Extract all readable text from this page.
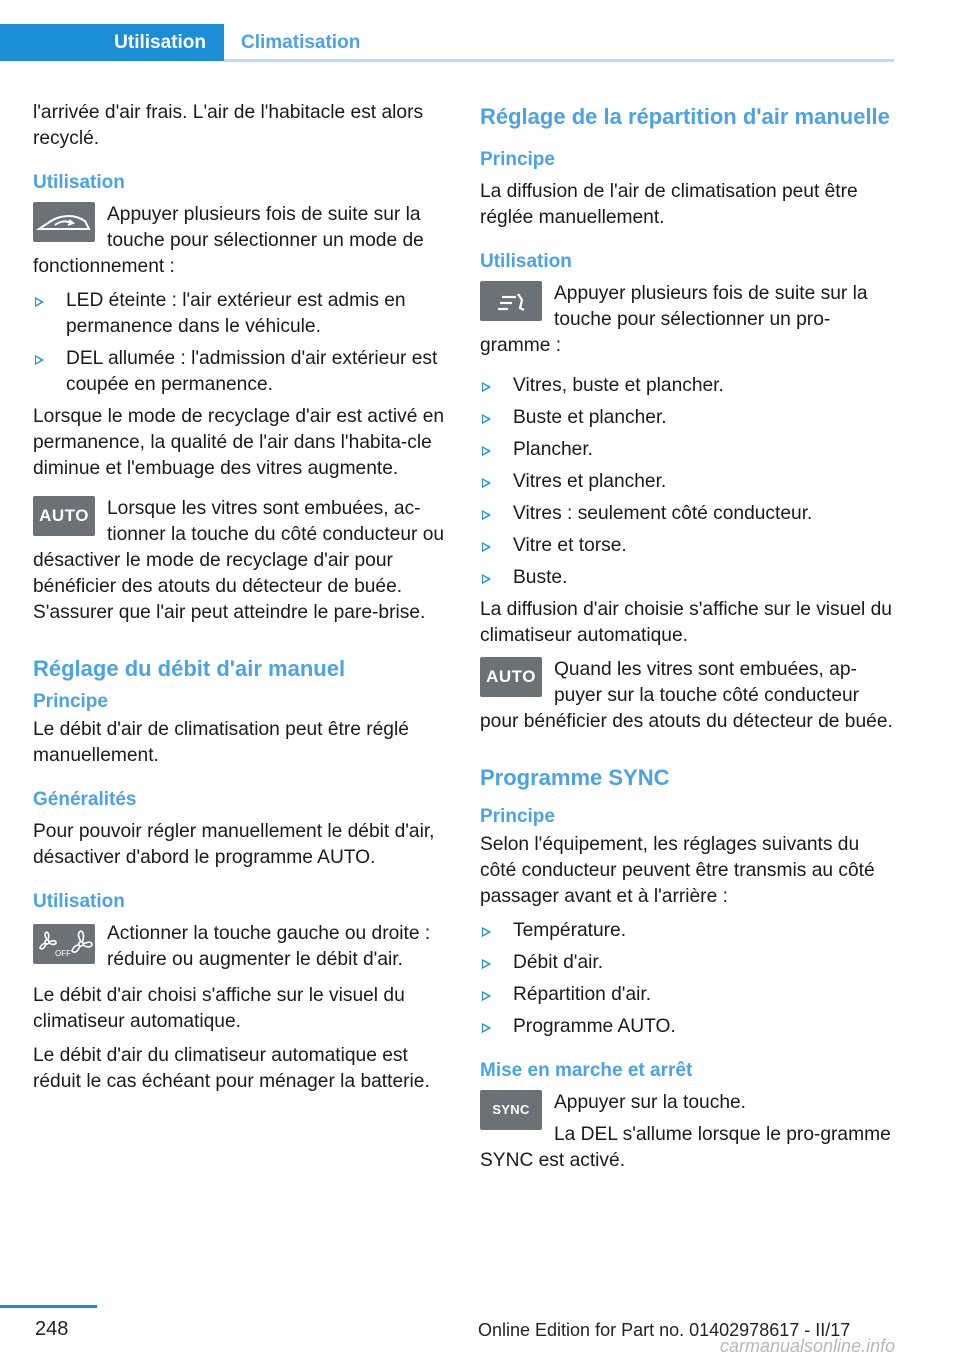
Utilisation	Climatisation

l'arrivée d'air frais. L'air de l'habitacle est alors recyclé.

Utilisation
Appuyer plusieurs fois de suite sur la touche pour sélectionner un mode de fonctionnement :
LED éteinte : l'air extérieur est admis en permanence dans le véhicule.
DEL allumée : l'admission d'air extérieur est coupée en permanence.

Lorsque le mode de recyclage d'air est activé en permanence, la qualité de l'air dans l'habita-cle diminue et l'embuage des vitres augmente.

AUTO Lorsque les vitres sont embuées, ac-tionner la touche du côté conducteur ou désactiver le mode de recyclage d'air pour bénéficier des atouts du détecteur de buée. S'assurer que l'air peut atteindre le pare-brise.
Réglage du débit d'air manuel
Principe

Le débit d'air de climatisation peut être réglé manuellement.

Généralités

Pour pouvoir régler manuellement le débit d'air, désactiver d'abord le programme AUTO.

Utilisation
OFF
Actionner la touche gauche ou droite : réduire ou augmenter le débit d'air.

Le débit d'air choisi s'affiche sur le visuel du climatiseur automatique.

Le débit d'air du climatiseur automatique est réduit le cas échéant pour ménager la batterie.

Réglage de la répartition d'air manuelle
Principe

La diffusion de l'air de climatisation peut être réglée manuellement.

Utilisation
Appuyer plusieurs fois de suite sur la touche pour sélectionner un pro-gramme :
Vitres, buste et plancher.
Buste et plancher.
Plancher.
Vitres et plancher.
Vitres : seulement côté conducteur.
Vitre et torse.
Buste.

La diffusion d'air choisie s'affiche sur le visuel du climatiseur automatique.

AUTO Quand les vitres sont embuées, ap-puyer sur la touche côté conducteur pour bénéficier des atouts du détecteur de buée.
Programme SYNC
Principe

Selon l'équipement, les réglages suivants du côté conducteur peuvent être transmis au côté passager avant et à l'arrière :

Température.
Débit d'air.
Répartition d'air.
Programme AUTO.
Mise en marche et arrêt
SYNC	Appuyer sur la touche.

La DEL s'allume lorsque le pro-gramme SYNC est activé.
248	Online Edition for Part no. 01402978617 - II/17
carmanualsonline.info
